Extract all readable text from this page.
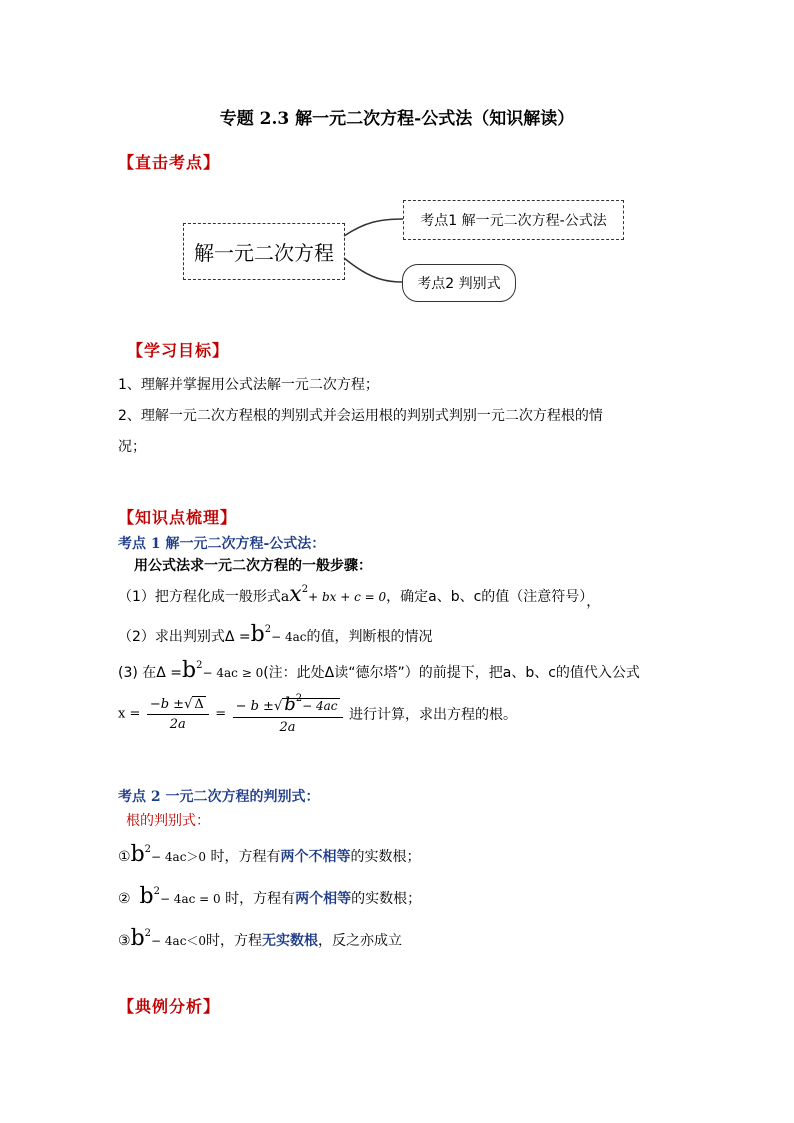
专题 2.3 解一元二次方程-公式法（知识解读）
【直击考点】
解一元二次方程
考点1 解一元二次方程-公式法
考点2 判别式
【学习目标】
1、理解并掌握用公式法解一元二次方程；
2、理解一元二次方程根的判别式并会运用根的判别式判别一元二次方程根的情
况；
【知识点梳理】
考点 1 解一元二次方程-公式法：
用公式法求一元二次方程的一般步骤：
（1）把方程化成一般形式$ax^2+$ bx + c = 0，确定a、b、c的值（注意符号），
（2）求出判别式$\Delta =b^2- 4ac$的值，判断根的情况
(3) 在$\Delta =b^2- 4ac \ge 0$(注：此处Δ读“德尔塔”）的前提下，把a、b、c的值代入公式
$x = \frac{-b \pm√ \Delta}{2a} = \frac{- b \pm√ b^2- 4ac}{2a}$ 进行计算，求出方程的根。
考点 2 一元二次方程的判别式：
根的判别式：
$①b^2- 4ac>0$ 时，方程有两个不相等的实数根；
② $b^2- 4ac = 0$ 时，方程有两个相等的实数根；
$③b^2- 4ac<0$时，方程无实数根，反之亦成立
【典例分析】
